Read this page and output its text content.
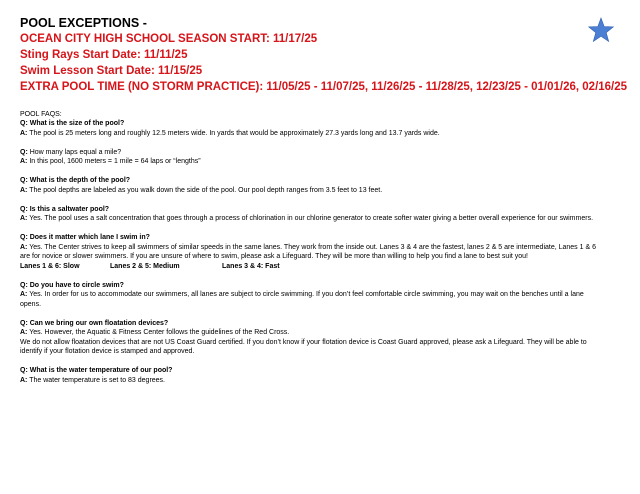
POOL EXCEPTIONS -
OCEAN CITY HIGH SCHOOL SEASON START: 11/17/25
Sting Rays Start Date: 11/11/25
Swim Lesson Start Date: 11/15/25
EXTRA POOL TIME (NO STORM PRACTICE): 11/05/25 - 11/07/25, 11/26/25 - 11/28/25, 12/23/25 - 01/01/26, 02/16/25
POOL FAQS:
Q: What is the size of the pool?
A: The pool is 25 meters long and roughly 12.5 meters wide. In yards that would be approximately 27.3 yards long and 13.7 yards wide.
Q: How many laps equal a mile?
A: In this pool, 1600 meters = 1 mile = 64 laps or “lengths”
Q: What is the depth of the pool?
A: The pool depths are labeled as you walk down the side of the pool. Our pool depth ranges from 3.5 feet to 13 feet.
Q: Is this a saltwater pool?
A: Yes. The pool uses a salt concentration that goes through a process of chlorination in our chlorine generator to create softer water giving a better overall experience for our swimmers.
Q: Does it matter which lane I swim in?
A: Yes. The Center strives to keep all swimmers of similar speeds in the same lanes. They work from the inside out. Lanes 3 & 4 are the fastest, lanes 2 & 5 are intermediate, Lanes 1 & 6 are for novice or slower swimmers. If you are unsure of where to swim, please ask a Lifeguard. They will be more than willing to help you find a lane to best suit you!
Lanes 1 & 6: Slow	Lanes 2 & 5: Medium	Lanes 3 & 4: Fast
Q: Do you have to circle swim?
A: Yes. In order for us to accommodate our swimmers, all lanes are subject to circle swimming. If you don’t feel comfortable circle swimming, you may wait on the benches until a lane opens.
Q: Can we bring our own floatation devices?
A: Yes. However, the Aquatic & Fitness Center follows the guidelines of the Red Cross.
We do not allow floatation devices that are not US Coast Guard certified. If you don’t know if your flotation device is Coast Guard approved, please ask a Lifeguard. They will be able to identify if your flotation device is stamped and approved.
Q: What is the water temperature of our pool?
A: The water temperature is set to 83 degrees.
